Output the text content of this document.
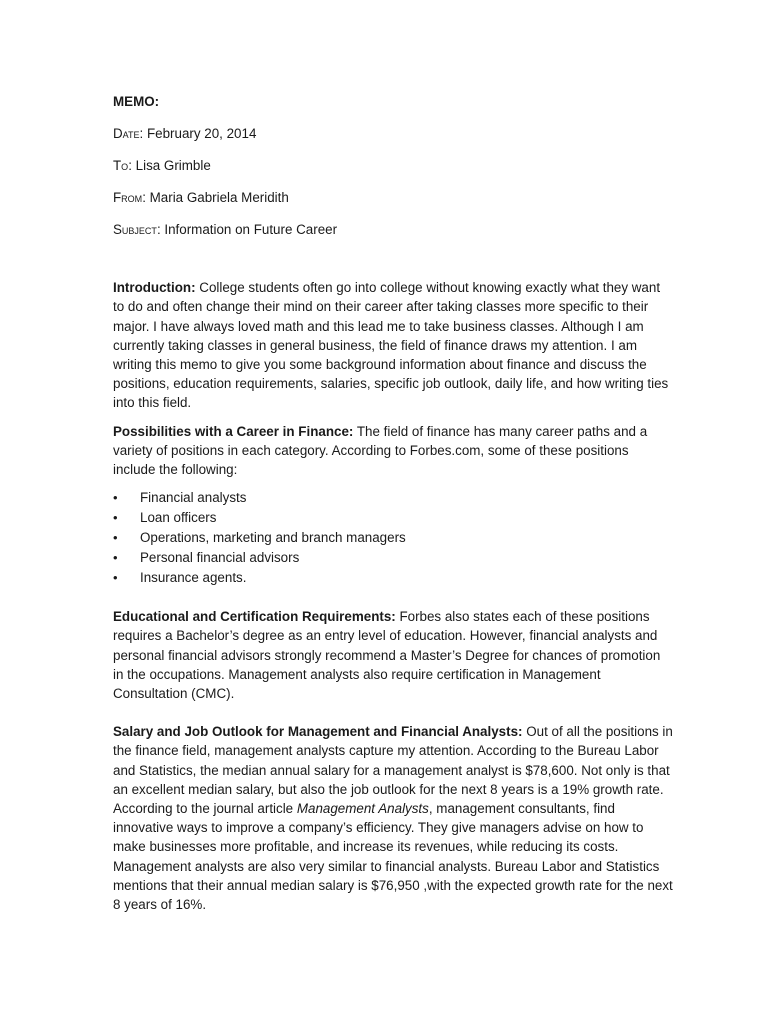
MEMO:
Date: February 20, 2014
To: Lisa Grimble
From: Maria Gabriela Meridith
Subject: Information on Future Career

Introduction: College students often go into college without knowing exactly what they want to do and often change their mind on their career after taking classes more specific to their major. I have always loved math and this lead me to take business classes. Although I am currently taking classes in general business, the field of finance draws my attention. I am writing this memo to give you some background information about finance and discuss the positions, education requirements, salaries, specific job outlook, daily life, and how writing ties into this field.

Possibilities with a Career in Finance: The field of finance has many career paths and a variety of positions in each category. According to Forbes.com, some of these positions include the following:

• Financial analysts
• Loan officers
• Operations, marketing and branch managers
• Personal financial advisors
• Insurance agents.

Educational and Certification Requirements: Forbes also states each of these positions requires a Bachelor’s degree as an entry level of education. However, financial analysts and personal financial advisors strongly recommend a Master’s Degree for chances of promotion in the occupations. Management analysts also require certification in Management Consultation (CMC).

Salary and Job Outlook for Management and Financial Analysts: Out of all the positions in the finance field, management analysts capture my attention. According to the Bureau Labor and Statistics, the median annual salary for a management analyst is $78,600. Not only is that an excellent median salary, but also the job outlook for the next 8 years is a 19% growth rate. According to the journal article Management Analysts, management consultants, find innovative ways to improve a company’s efficiency. They give managers advise on how to make businesses more profitable, and increase its revenues, while reducing its costs. Management analysts are also very similar to financial analysts. Bureau Labor and Statistics mentions that their annual median salary is $76,950 ,with the expected growth rate for the next 8 years of 16%.
